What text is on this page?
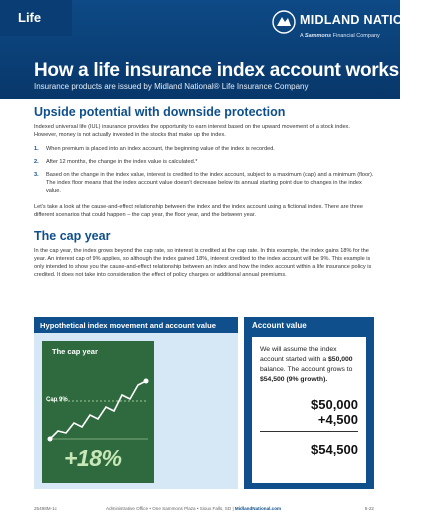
Life	MIDLAND NATIONAL
A Sammons Financial Company
How a life insurance index account works
Insurance products are issued by Midland National® Life Insurance Company
Upside potential with downside protection

Indexed universal life (IUL) insurance provides the opportunity to earn interest based on the upward movement of a stock index. However, money is not actually invested in the stocks that make up the index.

1. When premium is placed into an index account, the beginning value of the index is recorded.
2. After 12 months, the change in the index value is calculated.*
3. Based on the change in the index value, interest is credited to the index account, subject to a maximum (cap) and a minimum (floor). The index floor means that the index account value doesn't decrease below its annual starting point due to changes in the index value.

Let's take a look at the cause-and-effect relationship between the index and the index account using a fictional index. There are three different scenarios that could happen – the cap year, the floor year, and the between year.

The cap year

In the cap year, the index grows beyond the cap rate, so interest is credited at the cap rate. In this example, the index gains 18% for the year. An interest cap of 9% applies, so although the index gained 18%, interest credited to the index account will be 9%. This example is only intended to show you the cause-and-effect relationship between an index and how the index account within a life insurance policy is credited. It does not take into consideration the effect of policy charges or additional annual premiums.

Hypothetical index movement and account value
The cap year
Cap 9%
+18%
Account value

We will assume the index account started with a $50,000 balance. The account grows to $54,500 (9% growth).

$50,000
+4,500
$54,500
25498M-1c	Administrative Office • One Sammons Plaza • Sioux Falls, SD | MidlandNational.com	5-22
